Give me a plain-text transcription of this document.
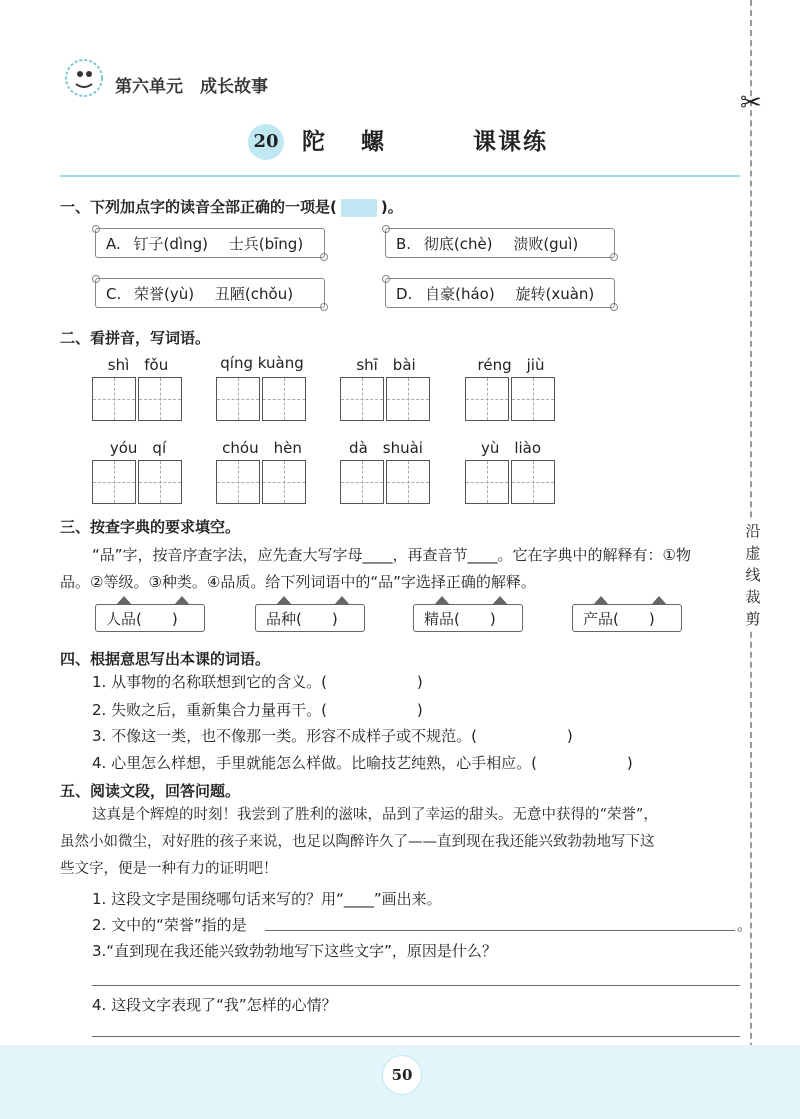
第六单元　成长故事
20 陀螺 课课练
✂
沿虚线裁剪
一、下列加点字的读音全部正确的一项是(	)。
A. 钉子(dìng) 士兵(bīng)	B. 彻底(chè) 溃败(guì)
C. 荣誉(yù) 丑陋(chǒu)	D. 自豪(háo) 旋转(xuàn)
二、看拼音，写词语。
shì　fǒu	qíng kuàng	shī　bài	réng　jiù
yóu　qí	chóu　hèn	dà　shuài	yù　liào
三、按查字典的要求填空。
“品”字，按音序查字法，应先查大写字母____，再查音节____。它在字典中的解释有：①物
品。②等级。③种类。④品质。给下列词语中的“品”字选择正确的解释。
人品(　　)	品种(　　)	精品(　　)	产品(　　)
四、根据意思写出本课的词语。
1. 从事物的名称联想到它的含义。(　　　　　　)
2. 失败之后，重新集合力量再干。(　　　　　　)
3. 不像这一类，也不像那一类。形容不成样子或不规范。(　　　　　　)
4. 心里怎么样想，手里就能怎么样做。比喻技艺纯熟，心手相应。(　　　　　　)
五、阅读文段，回答问题。
这真是个辉煌的时刻！我尝到了胜利的滋味，品到了幸运的甜头。无意中获得的“荣誉”，
虽然小如微尘，对好胜的孩子来说，也足以陶醉许久了——直到现在我还能兴致勃勃地写下这
些文字，便是一种有力的证明吧！
1. 这段文字是围绕哪句话来写的？用“____”画出来。
2. 文中的“荣誉”指的是	。
3.“直到现在我还能兴致勃勃地写下这些文字”，原因是什么？
4. 这段文字表现了“我”怎样的心情？
50
